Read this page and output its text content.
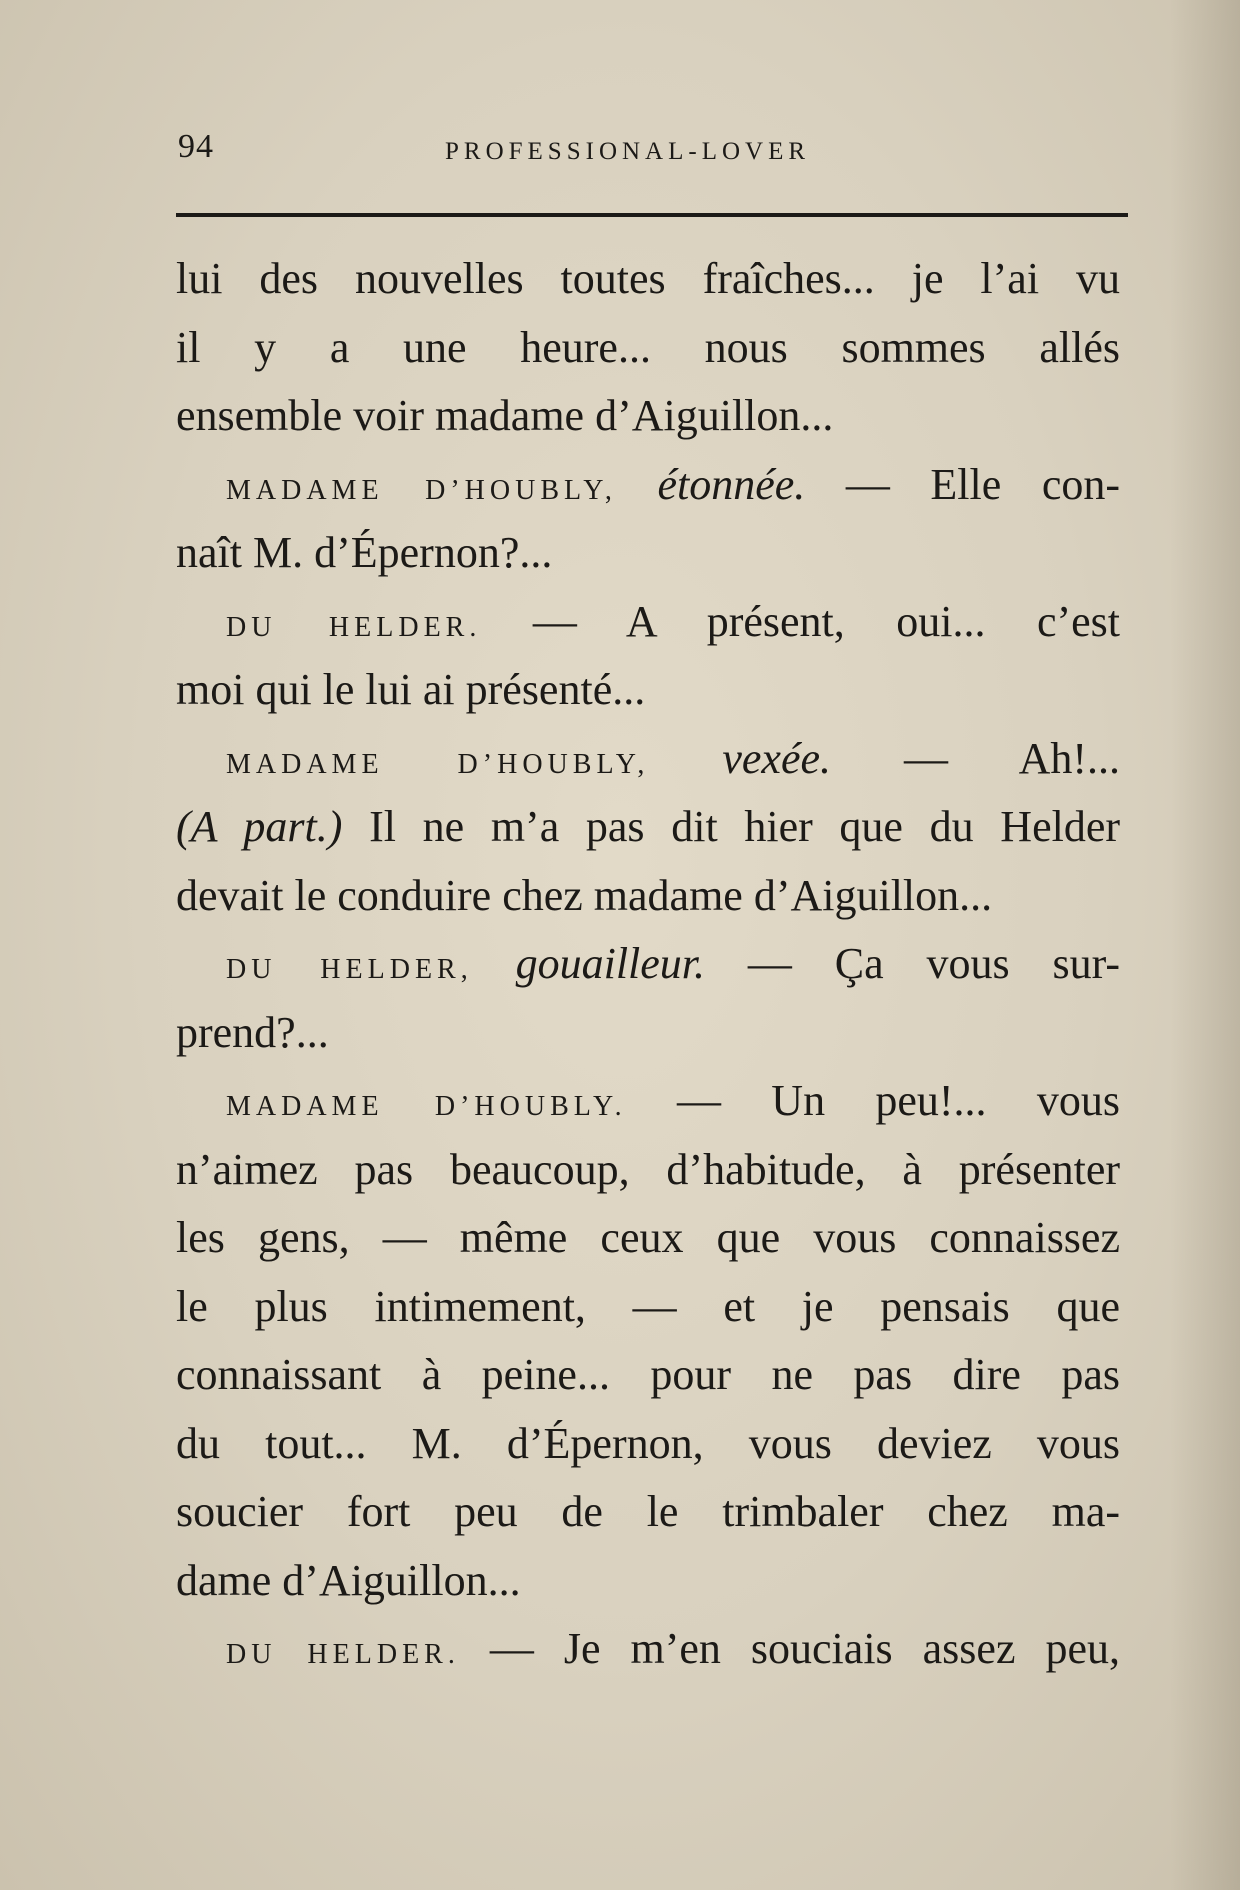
94	PROFESSIONAL-LOVER
lui des nouvelles toutes fraîches... je l’ai vu
il y a une heure... nous sommes allés
ensemble voir madame d’Aiguillon...
MADAME D’HOUBLY, étonnée. — Elle con-
naît M. d’Épernon?...
DU HELDER. — A présent, oui... c’est
moi qui le lui ai présenté...
MADAME D’HOUBLY, vexée. — Ah!...
(A part.) Il ne m’a pas dit hier que du Helder
devait le conduire chez madame d’Aiguillon...
DU HELDER, gouailleur. — Ça vous sur-
prend?...
MADAME D’HOUBLY. — Un peu!... vous
n’aimez pas beaucoup, d’habitude, à présenter
les gens, — même ceux que vous connaissez
le plus intimement, — et je pensais que
connaissant à peine... pour ne pas dire pas
du tout... M. d’Épernon, vous deviez vous
soucier fort peu de le trimbaler chez ma-
dame d’Aiguillon...
DU HELDER. — Je m’en souciais assez peu,
